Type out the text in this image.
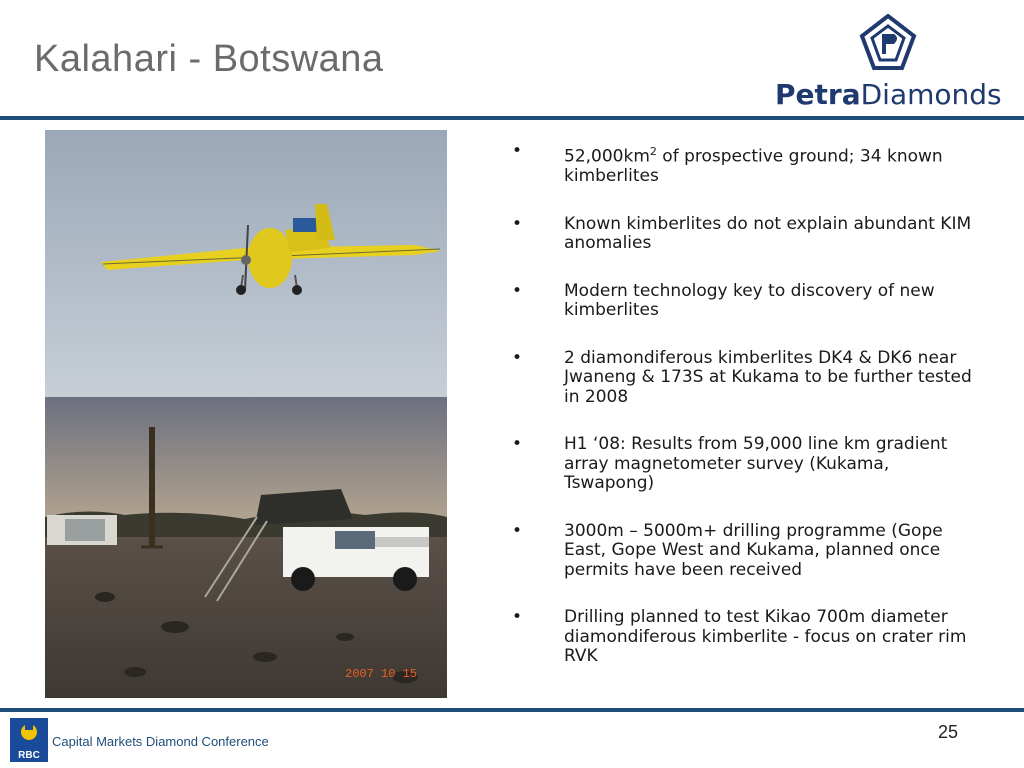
Kalahari - Botswana
PetraDiamonds
2007 10 15
• $52,000km^2$ of prospective ground; 34 known kimberlites
• Known kimberlites do not explain abundant KIM anomalies
• Modern technology key to discovery of new kimberlites
• 2 diamondiferous kimberlites DK4 & DK6 near Jwaneng & 173S at Kukama to be further tested in 2008
• H1 ‘08: Results from 59,000 line km gradient array magnetometer survey (Kukama, Tswapong)
• 3000m – 5000m+ drilling programme (Gope East, Gope West and Kukama, planned once permits have been received
• Drilling planned to test Kikao 700m diameter diamondiferous kimberlite - focus on crater rim RVK
RBC
Capital Markets Diamond Conference	25
